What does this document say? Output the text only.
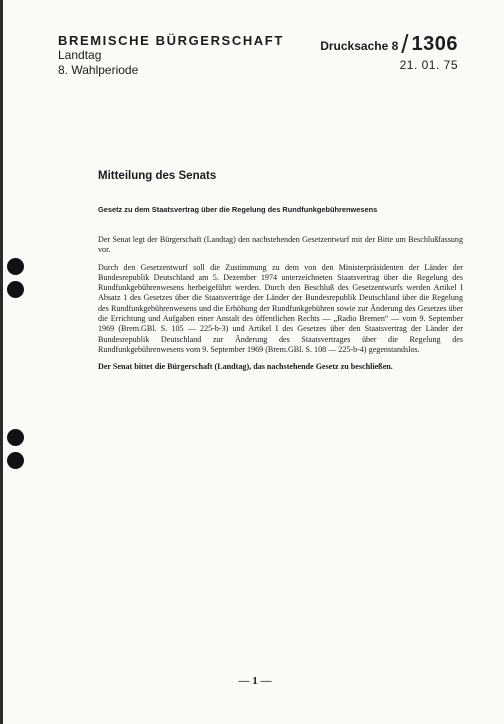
BREMISCHE BÜRGERSCHAFT
Landtag
8. Wahlperiode
Drucksache 8 / 1306
21. 01. 75
Mitteilung des Senats
Gesetz zu dem Staatsvertrag über die Regelung des Rundfunkgebührenwesens

Der Senat legt der Bürgerschaft (Landtag) den nachstehenden Gesetzentwurf mit der Bitte um Beschlußfassung vor.

Durch den Gesetzentwurf soll die Zustimmung zu dem von den Ministerpräsidenten der Länder der Bundesrepublik Deutschland am 5. Dezember 1974 unterzeichneten Staatsvertrag über die Regelung des Rundfunkgebührenwesens herbeigeführt werden. Durch den Beschluß des Gesetzentwurfs werden Artikel I Absatz 1 des Gesetzes über die Staatsverträge der Länder der Bundesrepublik Deutschland über die Regelung des Rundfunkgebührenwesens und die Erhöhung der Rundfunkgebühren sowie zur Änderung des Gesetzes über die Errichtung und Aufgaben einer Anstalt des öffentlichen Rechts — „Radio Bremen“ — vom 9. September 1969 (Brem.GBl. S. 105 — 225-b-3) und Artikel I des Gesetzes über den Staatsvertrag der Länder der Bundesrepublik Deutschland zur Änderung des Staatsvertrages über die Regelung des Rundfunkgebührenwesens vom 9. September 1969 (Brem.GBl. S. 108 — 225-b-4) gegenstandslos.

Der Senat bittet die Bürgerschaft (Landtag), das nachstehende Gesetz zu beschließen.

— 1 —
